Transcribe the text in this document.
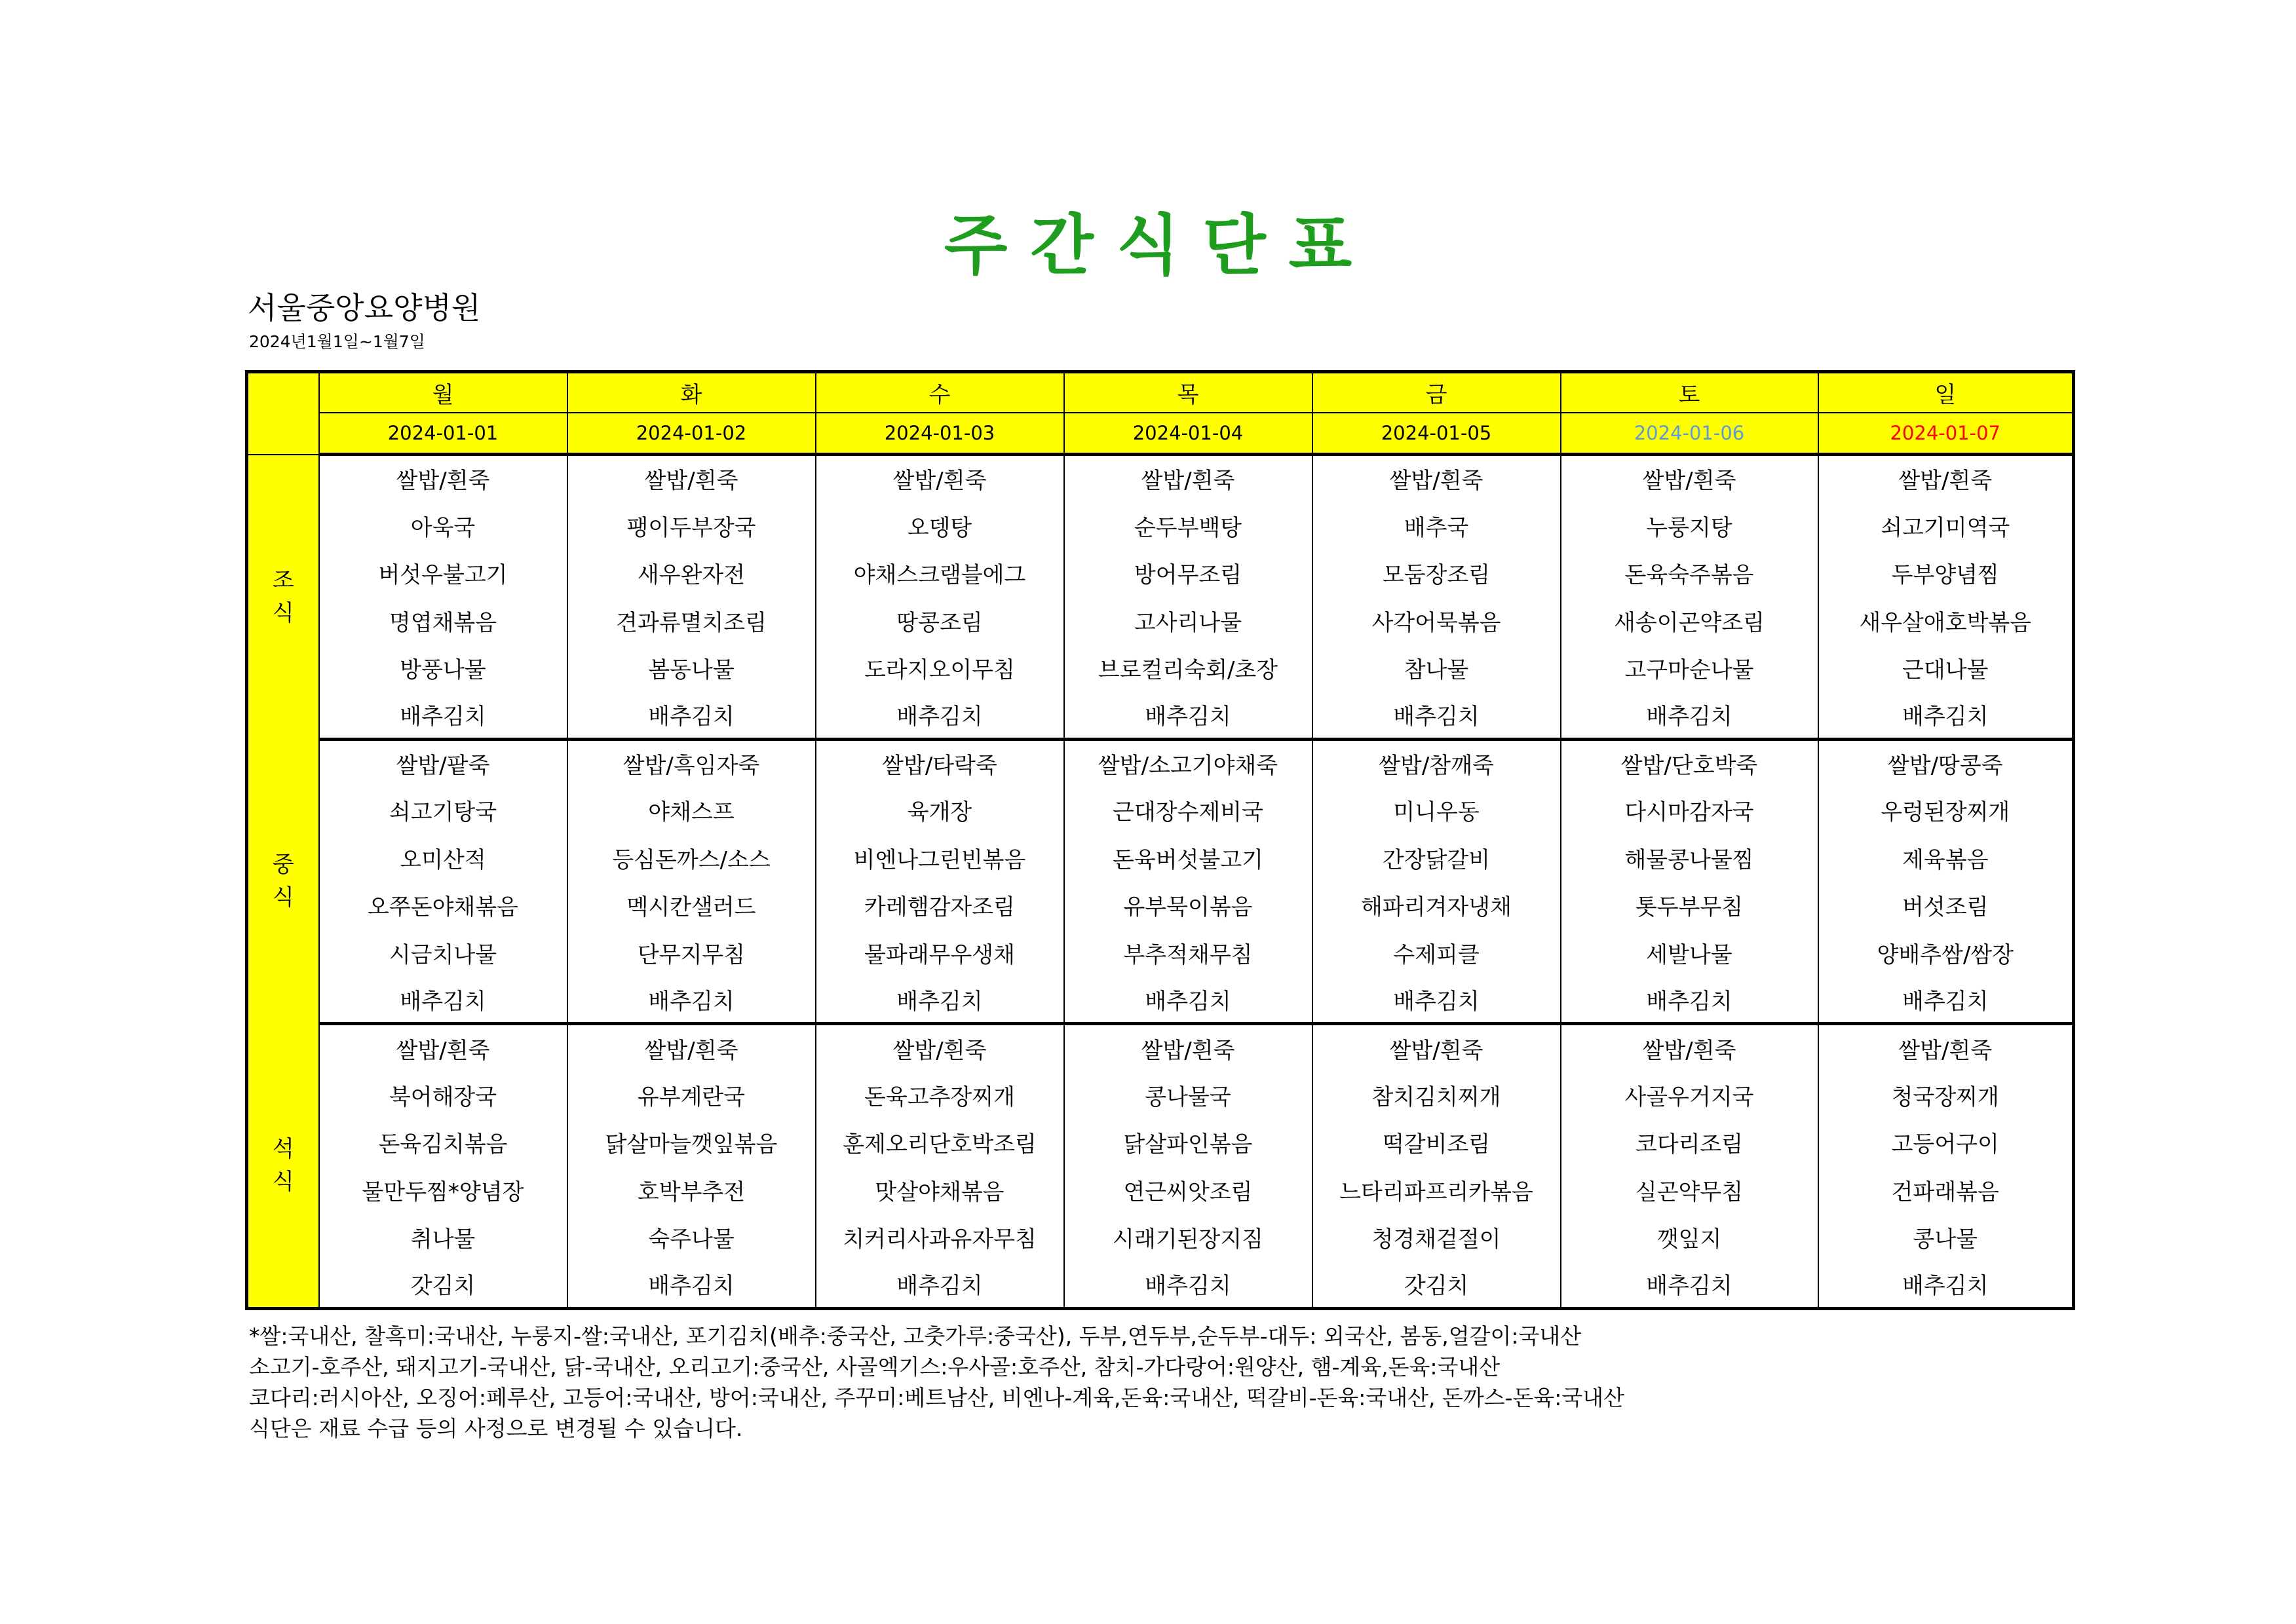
주 간 식 단 표

서울중앙요양병원

2024년1월1일~1월7일

	월	화	수	목	금	토	일
	2024-01-01	2024-01-02	2024-01-03	2024-01-04	2024-01-05	2024-01-06	2024-01-07

조
식	쌀밥/흰죽	쌀밥/흰죽	쌀밥/흰죽	쌀밥/흰죽	쌀밥/흰죽	쌀밥/흰죽	쌀밥/흰죽
	아욱국	팽이두부장국	오뎅탕	순두부백탕	배추국	누룽지탕	쇠고기미역국
	버섯우불고기	새우완자전	야채스크램블에그	방어무조림	모둠장조림	돈육숙주볶음	두부양념찜
	명엽채볶음	견과류멸치조림	땅콩조림	고사리나물	사각어묵볶음	새송이곤약조림	새우살애호박볶음
	방풍나물	봄동나물	도라지오이무침	브로컬리숙회/초장	참나물	고구마순나물	근대나물
	배추김치	배추김치	배추김치	배추김치	배추김치	배추김치	배추김치

중
식	쌀밥/팥죽	쌀밥/흑임자죽	쌀밥/타락죽	쌀밥/소고기야채죽	쌀밥/참깨죽	쌀밥/단호박죽	쌀밥/땅콩죽
	쇠고기탕국	야채스프	육개장	근대장수제비국	미니우동	다시마감자국	우렁된장찌개
	오미산적	등심돈까스/소스	비엔나그린빈볶음	돈육버섯불고기	간장닭갈비	해물콩나물찜	제육볶음
	오쭈돈야채볶음	멕시칸샐러드	카레햄감자조림	유부묵이볶음	해파리겨자냉채	톳두부무침	버섯조림
	시금치나물	단무지무침	물파래무우생채	부추적채무침	수제피클	세발나물	양배추쌈/쌈장
	배추김치	배추김치	배추김치	배추김치	배추김치	배추김치	배추김치

석
식	쌀밥/흰죽	쌀밥/흰죽	쌀밥/흰죽	쌀밥/흰죽	쌀밥/흰죽	쌀밥/흰죽	쌀밥/흰죽
	북어해장국	유부계란국	돈육고추장찌개	콩나물국	참치김치찌개	사골우거지국	청국장찌개
	돈육김치볶음	닭살마늘깻잎볶음	훈제오리단호박조림	닭살파인볶음	떡갈비조림	코다리조림	고등어구이
	물만두찜*양념장	호박부추전	맛살야채볶음	연근씨앗조림	느타리파프리카볶음	실곤약무침	건파래볶음
	취나물	숙주나물	치커리사과유자무침	시래기된장지짐	청경채겉절이	깻잎지	콩나물
	갓김치	배추김치	배추김치	배추김치	갓김치	배추김치	배추김치

*쌀:국내산, 찰흑미:국내산, 누룽지-쌀:국내산, 포기김치(배추:중국산, 고춧가루:중국산), 두부,연두부,순두부-대두: 외국산, 봄동,얼갈이:국내산

소고기-호주산, 돼지고기-국내산, 닭-국내산, 오리고기:중국산, 사골엑기스:우사골:호주산, 참치-가다랑어:원양산, 햄-계육,돈육:국내산

코다리:러시아산, 오징어:페루산, 고등어:국내산, 방어:국내산, 주꾸미:베트남산, 비엔나-계육,돈육:국내산, 떡갈비-돈육:국내산, 돈까스-돈육:국내산

식단은 재료 수급 등의 사정으로 변경될 수 있습니다.
